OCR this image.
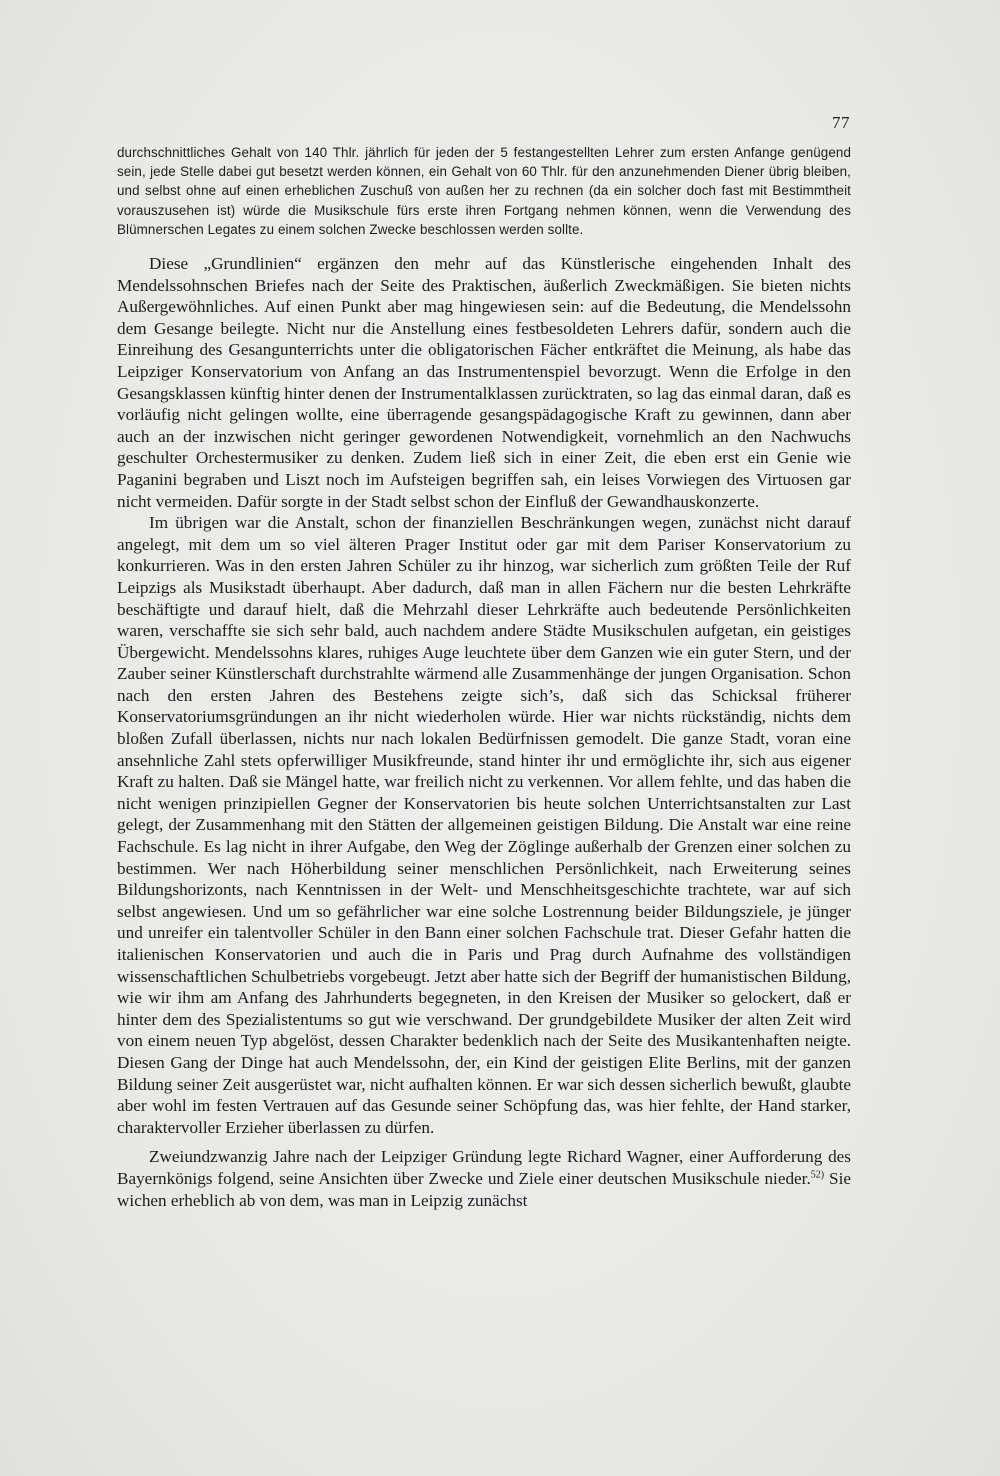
77

durchschnittliches Gehalt von 140 Thlr. jährlich für jeden der 5 festangestellten Lehrer zum ersten Anfange genügend sein, jede Stelle dabei gut besetzt werden können, ein Gehalt von 60 Thlr. für den anzunehmenden Diener übrig bleiben, und selbst ohne auf einen erheblichen Zuschuß von außen her zu rechnen (da ein solcher doch fast mit Bestimmtheit vorauszusehen ist) würde die Musikschule fürs erste ihren Fortgang nehmen können, wenn die Verwendung des Blümnerschen Legates zu einem solchen Zwecke beschlossen werden sollte.

Diese „Grundlinien“ ergänzen den mehr auf das Künstlerische eingehenden Inhalt des Mendelssohnschen Briefes nach der Seite des Praktischen, äußerlich Zweckmäßigen. Sie bieten nichts Außergewöhnliches. Auf einen Punkt aber mag hingewiesen sein: auf die Bedeutung, die Mendelssohn dem Gesange beilegte. Nicht nur die Anstellung eines festbesoldeten Lehrers dafür, sondern auch die Einreihung des Gesangunterrichts unter die obligatorischen Fächer entkräftet die Meinung, als habe das Leipziger Konservatorium von Anfang an das Instrumentenspiel bevorzugt. Wenn die Erfolge in den Gesangsklassen künftig hinter denen der Instrumentalklassen zurücktraten, so lag das einmal daran, daß es vorläufig nicht gelingen wollte, eine überragende gesangspädagogische Kraft zu gewinnen, dann aber auch an der inzwischen nicht geringer gewordenen Notwendigkeit, vornehmlich an den Nachwuchs geschulter Orchestermusiker zu denken. Zudem ließ sich in einer Zeit, die eben erst ein Genie wie Paganini begraben und Liszt noch im Aufsteigen begriffen sah, ein leises Vorwiegen des Virtuosen gar nicht vermeiden. Dafür sorgte in der Stadt selbst schon der Einfluß der Gewandhauskonzerte.

Im übrigen war die Anstalt, schon der finanziellen Beschränkungen wegen, zunächst nicht darauf angelegt, mit dem um so viel älteren Prager Institut oder gar mit dem Pariser Konservatorium zu konkurrieren. Was in den ersten Jahren Schüler zu ihr hinzog, war sicherlich zum größten Teile der Ruf Leipzigs als Musikstadt überhaupt. Aber dadurch, daß man in allen Fächern nur die besten Lehrkräfte beschäftigte und darauf hielt, daß die Mehrzahl dieser Lehrkräfte auch bedeutende Persönlichkeiten waren, verschaffte sie sich sehr bald, auch nachdem andere Städte Musikschulen aufgetan, ein geistiges Übergewicht. Mendelssohns klares, ruhiges Auge leuchtete über dem Ganzen wie ein guter Stern, und der Zauber seiner Künstlerschaft durchstrahlte wärmend alle Zusammenhänge der jungen Organisation. Schon nach den ersten Jahren des Bestehens zeigte sich’s, daß sich das Schicksal früherer Konservatoriumsgründungen an ihr nicht wiederholen würde. Hier war nichts rückständig, nichts dem bloßen Zufall überlassen, nichts nur nach lokalen Bedürfnissen gemodelt. Die ganze Stadt, voran eine ansehnliche Zahl stets opferwilliger Musikfreunde, stand hinter ihr und ermöglichte ihr, sich aus eigener Kraft zu halten. Daß sie Mängel hatte, war freilich nicht zu verkennen. Vor allem fehlte, und das haben die nicht wenigen prinzipiellen Gegner der Konservatorien bis heute solchen Unterrichtsanstalten zur Last gelegt, der Zusammenhang mit den Stätten der allgemeinen geistigen Bildung. Die Anstalt war eine reine Fachschule. Es lag nicht in ihrer Aufgabe, den Weg der Zöglinge außerhalb der Grenzen einer solchen zu bestimmen. Wer nach Höherbildung seiner menschlichen Persönlichkeit, nach Erweiterung seines Bildungshorizonts, nach Kenntnissen in der Welt- und Menschheitsgeschichte trachtete, war auf sich selbst angewiesen. Und um so gefährlicher war eine solche Lostrennung beider Bildungsziele, je jünger und unreifer ein talentvoller Schüler in den Bann einer solchen Fachschule trat. Dieser Gefahr hatten die italienischen Konservatorien und auch die in Paris und Prag durch Aufnahme des vollständigen wissenschaftlichen Schulbetriebs vorgebeugt. Jetzt aber hatte sich der Begriff der humanistischen Bildung, wie wir ihm am Anfang des Jahrhunderts begegneten, in den Kreisen der Musiker so gelockert, daß er hinter dem des Spezialistentums so gut wie verschwand. Der grundgebildete Musiker der alten Zeit wird von einem neuen Typ abgelöst, dessen Charakter bedenklich nach der Seite des Musikantenhaften neigte. Diesen Gang der Dinge hat auch Mendelssohn, der, ein Kind der geistigen Elite Berlins, mit der ganzen Bildung seiner Zeit ausgerüstet war, nicht aufhalten können. Er war sich dessen sicherlich bewußt, glaubte aber wohl im festen Vertrauen auf das Gesunde seiner Schöpfung das, was hier fehlte, der Hand starker, charaktervoller Erzieher überlassen zu dürfen.

Zweiundzwanzig Jahre nach der Leipziger Gründung legte Richard Wagner, einer Aufforderung des Bayernkönigs folgend, seine Ansichten über Zwecke und Ziele einer deutschen Musikschule nieder.$^{52)}$ Sie wichen erheblich ab von dem, was man in Leipzig zunächst
